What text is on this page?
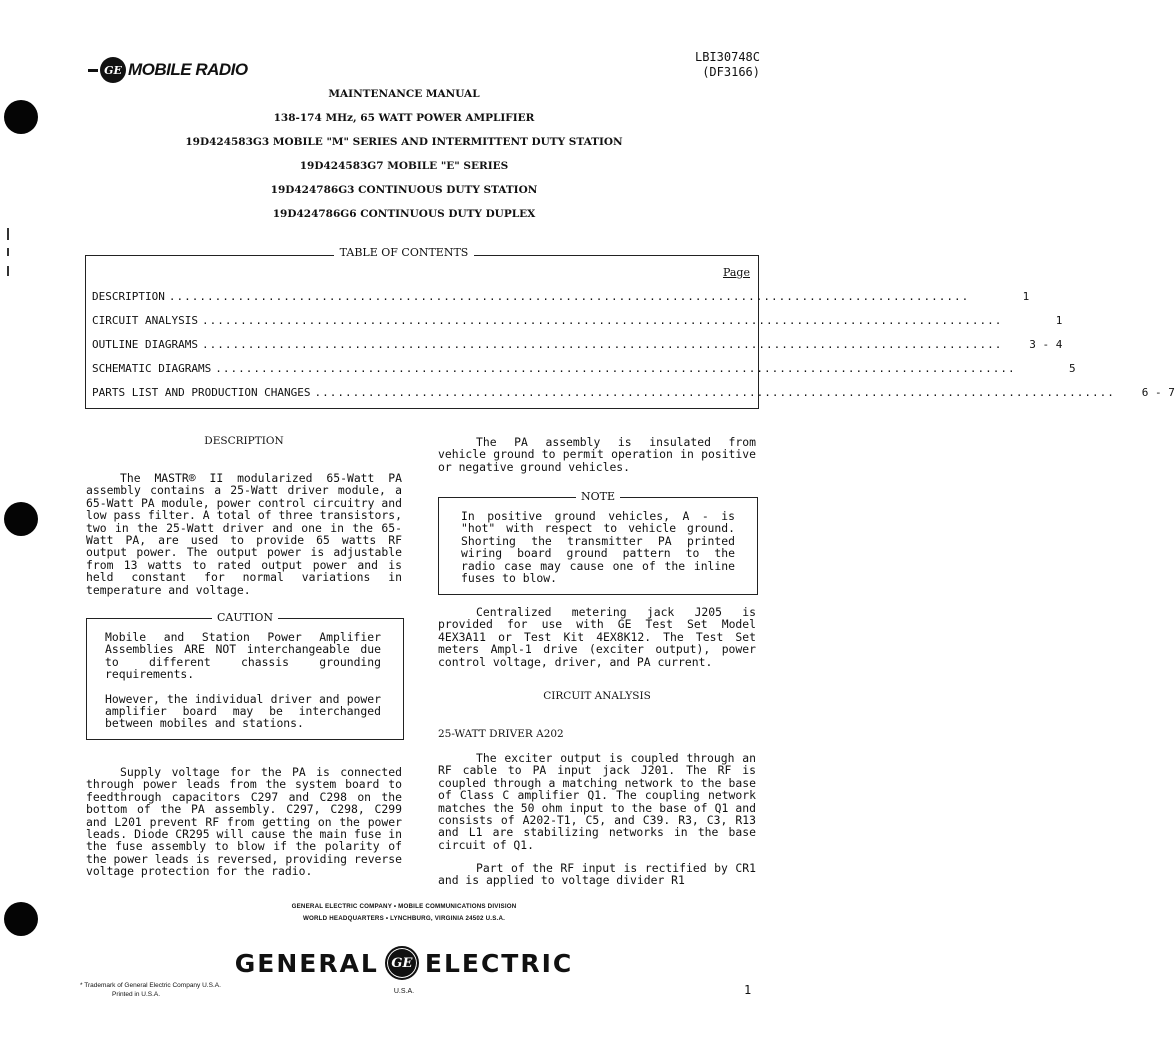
GE MOBILE RADIO
LBI30748C
(DF3166)
MAINTENANCE MANUAL
138-174 MHz, 65 WATT POWER AMPLIFIER
19D424583G3 MOBILE "M" SERIES AND INTERMITTENT DUTY STATION
19D424583G7 MOBILE "E" SERIES
19D424786G3 CONTINUOUS DUTY STATION
19D424786G6 CONTINUOUS DUTY DUPLEX
TABLE OF CONTENTS
Page
DESCRIPTION .........................................................................................................	1
CIRCUIT ANALYSIS .........................................................................................................	1
OUTLINE DIAGRAMS .........................................................................................................	3 - 4
SCHEMATIC DIAGRAMS .........................................................................................................	5
PARTS LIST AND PRODUCTION CHANGES .........................................................................................................	6 - 7
DESCRIPTION

The MASTR® II modularized 65-Watt PA assembly contains a 25-Watt driver module, a 65-Watt PA module, power control circuitry and low pass filter. A total of three transistors, two in the 25-Watt driver and one in the 65-Watt PA, are used to provide 65 watts RF output power. The output power is adjustable from 13 watts to rated output power and is held constant for normal variations in temperature and voltage.

CAUTION

Mobile and Station Power Amplifier Assemblies ARE NOT interchangeable due to different chassis grounding requirements.

However, the individual driver and power amplifier board may be interchanged between mobiles and stations.

Supply voltage for the PA is connected through power leads from the system board to feedthrough capacitors C297 and C298 on the bottom of the PA assembly. C297, C298, C299 and L201 prevent RF from getting on the power leads. Diode CR295 will cause the main fuse in the fuse assembly to blow if the polarity of the power leads is reversed, providing reverse voltage protection for the radio.

The PA assembly is insulated from vehicle ground to permit operation in positive or negative ground vehicles.

NOTE

In positive ground vehicles, A - is "hot" with respect to vehicle ground. Shorting the transmitter PA printed wiring board ground pattern to the radio case may cause one of the inline fuses to blow.

Centralized metering jack J205 is provided for use with GE Test Set Model 4EX3A11 or Test Kit 4EX8K12. The Test Set meters Ampl-1 drive (exciter output), power control voltage, driver, and PA current.

CIRCUIT ANALYSIS
25-WATT DRIVER A202

The exciter output is coupled through an RF cable to PA input jack J201. The RF is coupled through a matching network to the base of Class C amplifier Q1. The coupling network matches the 50 ohm input to the base of Q1 and consists of A202-T1, C5, and C39. R3, C3, R13 and L1 are stabilizing networks in the base circuit of Q1.

Part of the RF input is rectified by CR1 and is applied to voltage divider R1

GENERAL ELECTRIC COMPANY • MOBILE COMMUNICATIONS DIVISION
WORLD HEADQUARTERS • LYNCHBURG, VIRGINIA 24502 U.S.A.
GENERAL GE ELECTRIC
U.S.A.
* Trademark of General Electric Company U.S.A.
Printed in U.S.A.	1
